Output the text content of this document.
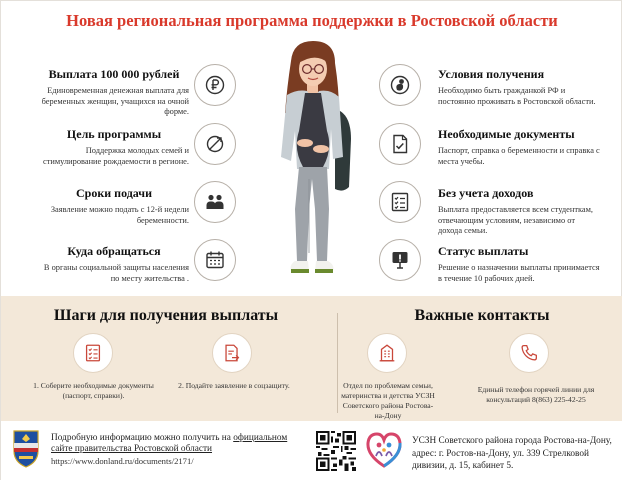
Новая региональная программа поддержки в Ростовской области
Выплата 100 000 рублей
Единовременная денежная выплата для беременных женщин, учащихся на очной форме.
Цель программы
Поддержка молодых семей и стимулирование рождаемости в регионе.
Сроки подачи
Заявление можно подать с 12-й недели беременности.
Куда обращаться
В органы социальной защиты населения по месту жительства .
Условия получения
Необходимо быть гражданкой РФ и постоянно проживать в Ростовской области.
Необходимые документы
Паспорт, справка о беременности и справка с места учебы.
Без учета доходов
Выплата предоставляется всем студенткам, отвечающим условиям, независимо от дохода семьи.
Статус выплаты
Решение о назначении выплаты принимается в течение 10 рабочих дней.
Шаги для получения выплаты	Важные контакты
1. Соберите необходимые документы (паспорт, справки).
2. Подайте заявление в соцзащиту.	Отдел по проблемам семьи, материнства и детства УСЗН Советского района Ростова-на-Дону
Единый телефон горячей линии для консультаций 8(863) 225-42-25
Подробную информацию можно получить на официальном сайте правительства Ростовской области
https://www.donland.ru/documents/2171/
УСЗН Советского района города Ростова-на-Дону, адрес: г. Ростов-на-Дону, ул. 339 Стрелковой дивизии, д. 15, кабинет 5.
